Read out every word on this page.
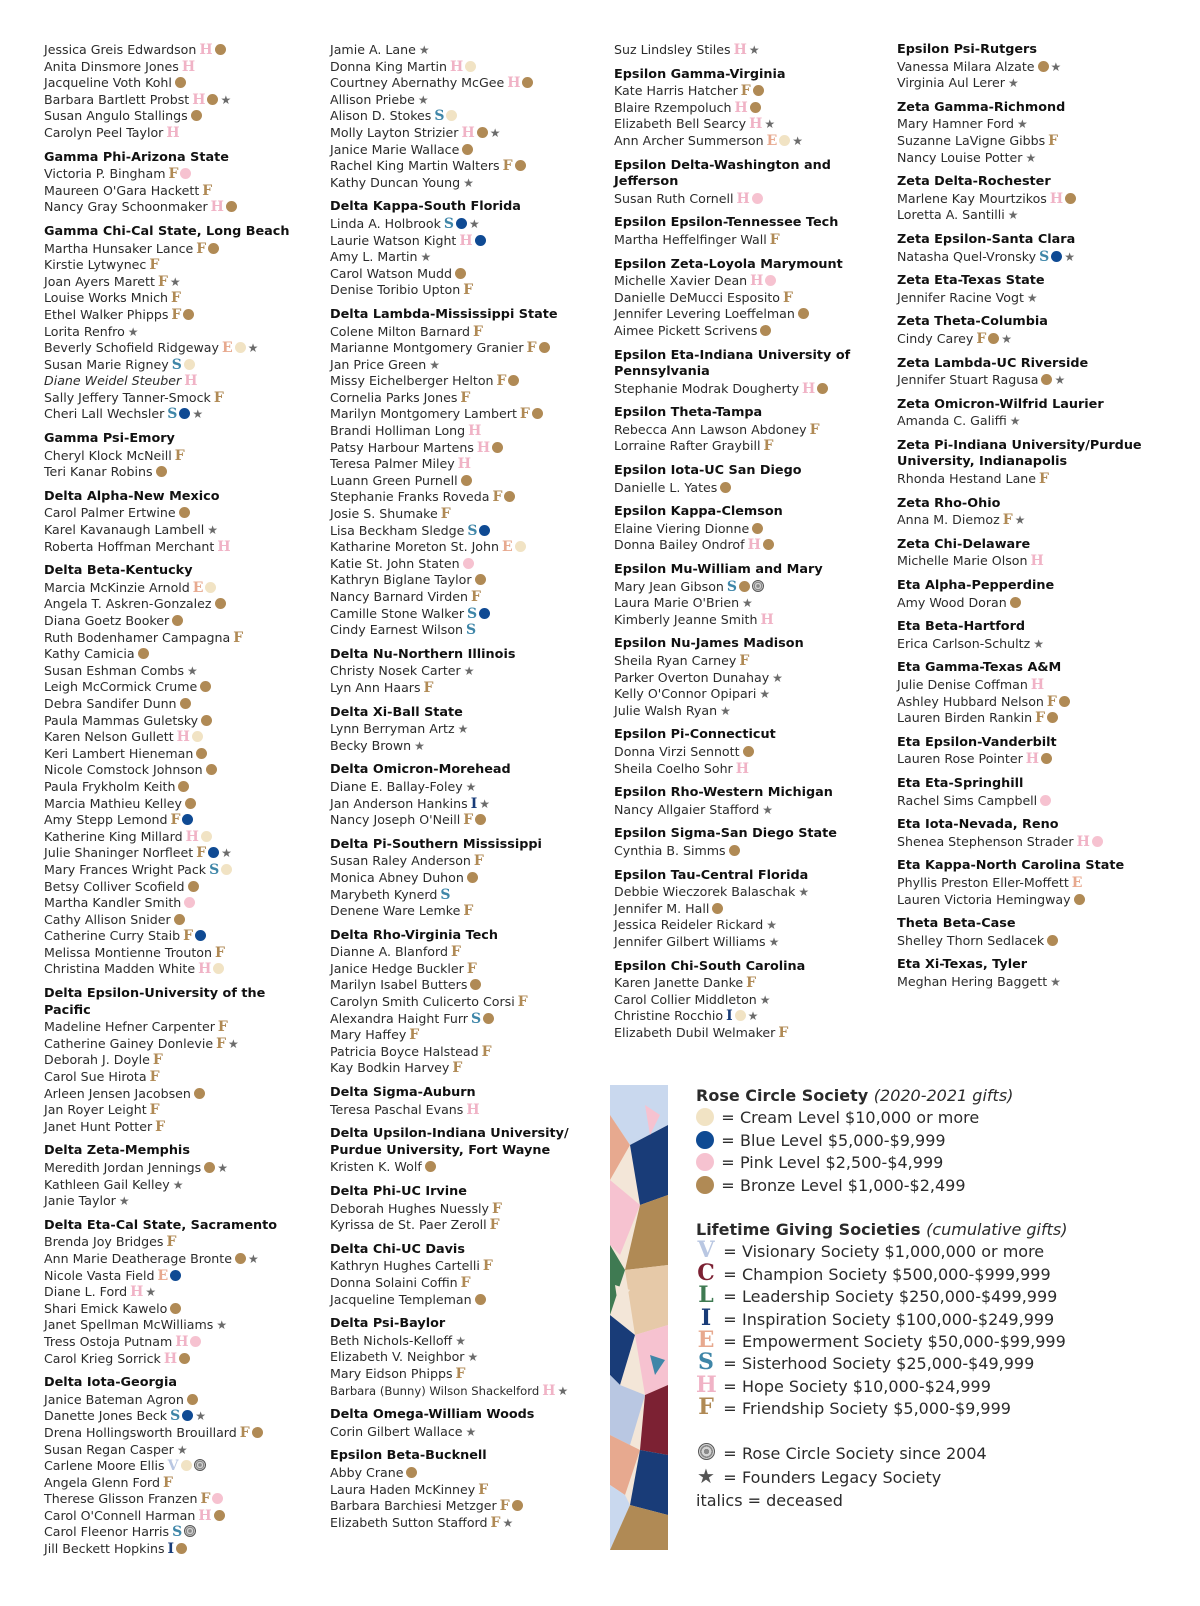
Jessica Greis Edwardson H
Anita Dinsmore Jones H
Jacqueline Voth Kohl
Barbara Bartlett Probst H ★
Susan Angulo Stallings
Carolyn Peel Taylor H
Gamma Phi-Arizona State
Victoria P. Bingham F
Maureen O'Gara Hackett F
Nancy Gray Schoonmaker H
Gamma Chi-Cal State, Long Beach
Martha Hunsaker Lance F
Kirstie Lytwynec F
Joan Ayers Marett F ★
Louise Works Mnich F
Ethel Walker Phipps F
Lorita Renfro ★
Beverly Schofield Ridgeway E ★
Susan Marie Rigney S
Diane Weidel Steuber H
Sally Jeffery Tanner-Smock F
Cheri Lall Wechsler S ★
Gamma Psi-Emory
Cheryl Klock McNeill F
Teri Kanar Robins
Delta Alpha-New Mexico
Carol Palmer Ertwine
Karel Kavanaugh Lambell ★
Roberta Hoffman Merchant H
Delta Beta-Kentucky
Marcia McKinzie Arnold E
Angela T. Askren-Gonzalez
Diana Goetz Booker
Ruth Bodenhamer Campagna F
Kathy Camicia
Susan Eshman Combs ★
Leigh McCormick Crume
Debra Sandifer Dunn
Paula Mammas Guletsky
Karen Nelson Gullett H
Keri Lambert Hieneman
Nicole Comstock Johnson
Paula Frykholm Keith
Marcia Mathieu Kelley
Amy Stepp Lemond F
Katherine King Millard H
Julie Shaninger Norfleet F ★
Mary Frances Wright Pack S
Betsy Colliver Scofield
Martha Kandler Smith
Cathy Allison Snider
Catherine Curry Staib F
Melissa Montienne Trouton F
Christina Madden White H
Delta Epsilon-University of the Pacific
Madeline Hefner Carpenter F
Catherine Gainey Donlevie F ★
Deborah J. Doyle F
Carol Sue Hirota F
Arleen Jensen Jacobsen
Jan Royer Leight F
Janet Hunt Potter F
Delta Zeta-Memphis
Meredith Jordan Jennings ★
Kathleen Gail Kelley ★
Janie Taylor ★
Delta Eta-Cal State, Sacramento
Brenda Joy Bridges F
Ann Marie Deatherage Bronte ★
Nicole Vasta Field E
Diane L. Ford H ★
Shari Emick Kawelo
Janet Spellman McWilliams ★
Tress Ostoja Putnam H
Carol Krieg Sorrick H
Delta Iota-Georgia
Janice Bateman Agron
Danette Jones Beck S ★
Drena Hollingsworth Brouillard F
Susan Regan Casper ★
Carlene Moore Ellis V
Angela Glenn Ford F
Therese Glisson Franzen F
Carol O'Connell Harman H
Carol Fleenor Harris S
Jill Beckett Hopkins I
Jamie A. Lane ★
Donna King Martin H
Courtney Abernathy McGee H
Allison Priebe ★
Alison D. Stokes S
Molly Layton Strizier H ★
Janice Marie Wallace
Rachel King Martin Walters F
Kathy Duncan Young ★
Delta Kappa-South Florida
Linda A. Holbrook S ★
Laurie Watson Kight H
Amy L. Martin ★
Carol Watson Mudd
Denise Toribio Upton F
Delta Lambda-Mississippi State
Colene Milton Barnard F
Marianne Montgomery Granier F
Jan Price Green ★
Missy Eichelberger Helton F
Cornelia Parks Jones F
Marilyn Montgomery Lambert F
Brandi Holliman Long H
Patsy Harbour Martens H
Teresa Palmer Miley H
Luann Green Purnell
Stephanie Franks Roveda F
Josie S. Shumake F
Lisa Beckham Sledge S
Katharine Moreton St. John E
Katie St. John Staten
Kathryn Biglane Taylor
Nancy Barnard Virden F
Camille Stone Walker S
Cindy Earnest Wilson S
Delta Nu-Northern Illinois
Christy Nosek Carter ★
Lyn Ann Haars F
Delta Xi-Ball State
Lynn Berryman Artz ★
Becky Brown ★
Delta Omicron-Morehead
Diane E. Ballay-Foley ★
Jan Anderson Hankins I ★
Nancy Joseph O'Neill F
Delta Pi-Southern Mississippi
Susan Raley Anderson F
Monica Abney Duhon
Marybeth Kynerd S
Denene Ware Lemke F
Delta Rho-Virginia Tech
Dianne A. Blanford F
Janice Hedge Buckler F
Marilyn Isabel Butters
Carolyn Smith Culicerto Corsi F
Alexandra Haight Furr S
Mary Haffey F
Patricia Boyce Halstead F
Kay Bodkin Harvey F
Delta Sigma-Auburn
Teresa Paschal Evans H
Delta Upsilon-Indiana University/ Purdue University, Fort Wayne
Kristen K. Wolf
Delta Phi-UC Irvine
Deborah Hughes Nuessly F
Kyrissa de St. Paer Zeroll F
Delta Chi-UC Davis
Kathryn Hughes Cartelli F
Donna Solaini Coffin F
Jacqueline Templeman
Delta Psi-Baylor
Beth Nichols-Kelloff ★
Elizabeth V. Neighbor ★
Mary Eidson Phipps F
Barbara (Bunny) Wilson Shackelford H ★
Delta Omega-William Woods
Corin Gilbert Wallace ★
Epsilon Beta-Bucknell
Abby Crane
Laura Haden McKinney F
Barbara Barchiesi Metzger F
Elizabeth Sutton Stafford F ★
Suz Lindsley Stiles H ★
Epsilon Gamma-Virginia
Kate Harris Hatcher F
Blaire Rzempoluch H
Elizabeth Bell Searcy H ★
Ann Archer Summerson E ★
Epsilon Delta-Washington and Jefferson
Susan Ruth Cornell H
Epsilon Epsilon-Tennessee Tech
Martha Heffelfinger Wall F
Epsilon Zeta-Loyola Marymount
Michelle Xavier Dean H
Danielle DeMucci Esposito F
Jennifer Levering Loeffelman
Aimee Pickett Scrivens
Epsilon Eta-Indiana University of Pennsylvania
Stephanie Modrak Dougherty H
Epsilon Theta-Tampa
Rebecca Ann Lawson Abdoney F
Lorraine Rafter Graybill F
Epsilon Iota-UC San Diego
Danielle L. Yates
Epsilon Kappa-Clemson
Elaine Viering Dionne
Donna Bailey Ondrof H
Epsilon Mu-William and Mary
Mary Jean Gibson S
Laura Marie O'Brien ★
Kimberly Jeanne Smith H
Epsilon Nu-James Madison
Sheila Ryan Carney F
Parker Overton Dunahay ★
Kelly O'Connor Opipari ★
Julie Walsh Ryan ★
Epsilon Pi-Connecticut
Donna Virzi Sennott
Sheila Coelho Sohr H
Epsilon Rho-Western Michigan
Nancy Allgaier Stafford ★
Epsilon Sigma-San Diego State
Cynthia B. Simms
Epsilon Tau-Central Florida
Debbie Wieczorek Balaschak ★
Jennifer M. Hall
Jessica Reideler Rickard ★
Jennifer Gilbert Williams ★
Epsilon Chi-South Carolina
Karen Janette Danke F
Carol Collier Middleton ★
Christine Rocchio I ★
Elizabeth Dubil Welmaker F
Epsilon Psi-Rutgers
Vanessa Milara Alzate ★
Virginia Aul Lerer ★
Zeta Gamma-Richmond
Mary Hamner Ford ★
Suzanne LaVigne Gibbs F
Nancy Louise Potter ★
Zeta Delta-Rochester
Marlene Kay Mourtzikos H
Loretta A. Santilli ★
Zeta Epsilon-Santa Clara
Natasha Quel-Vronsky S ★
Zeta Eta-Texas State
Jennifer Racine Vogt ★
Zeta Theta-Columbia
Cindy Carey F ★
Zeta Lambda-UC Riverside
Jennifer Stuart Ragusa ★
Zeta Omicron-Wilfrid Laurier
Amanda C. Galiffi ★
Zeta Pi-Indiana University/Purdue University, Indianapolis
Rhonda Hestand Lane F
Zeta Rho-Ohio
Anna M. Diemoz F ★
Zeta Chi-Delaware
Michelle Marie Olson H
Eta Alpha-Pepperdine
Amy Wood Doran
Eta Beta-Hartford
Erica Carlson-Schultz ★
Eta Gamma-Texas A&M
Julie Denise Coffman H
Ashley Hubbard Nelson F
Lauren Birden Rankin F
Eta Epsilon-Vanderbilt
Lauren Rose Pointer H
Eta Eta-Springhill
Rachel Sims Campbell
Eta Iota-Nevada, Reno
Shenea Stephenson Strader H
Eta Kappa-North Carolina State
Phyllis Preston Eller-Moffett E
Lauren Victoria Hemingway
Theta Beta-Case
Shelley Thorn Sedlacek
Eta Xi-Texas, Tyler
Meghan Hering Baggett ★
Rose Circle Society (2020-2021 gifts)
= Cream Level $10,000 or more
= Blue Level $5,000-$9,999
= Pink Level $2,500-$4,999
= Bronze Level $1,000-$2,499
Lifetime Giving Societies (cumulative gifts)
V = Visionary Society $1,000,000 or more
C = Champion Society $500,000-$999,999
L = Leadership Society $250,000-$499,999
I = Inspiration Society $100,000-$249,999
E = Empowerment Society $50,000-$99,999
S = Sisterhood Society $25,000-$49,999
H = Hope Society $10,000-$24,999
F = Friendship Society $5,000-$9,999
= Rose Circle Society since 2004
★ = Founders Legacy Society
italics = deceased
